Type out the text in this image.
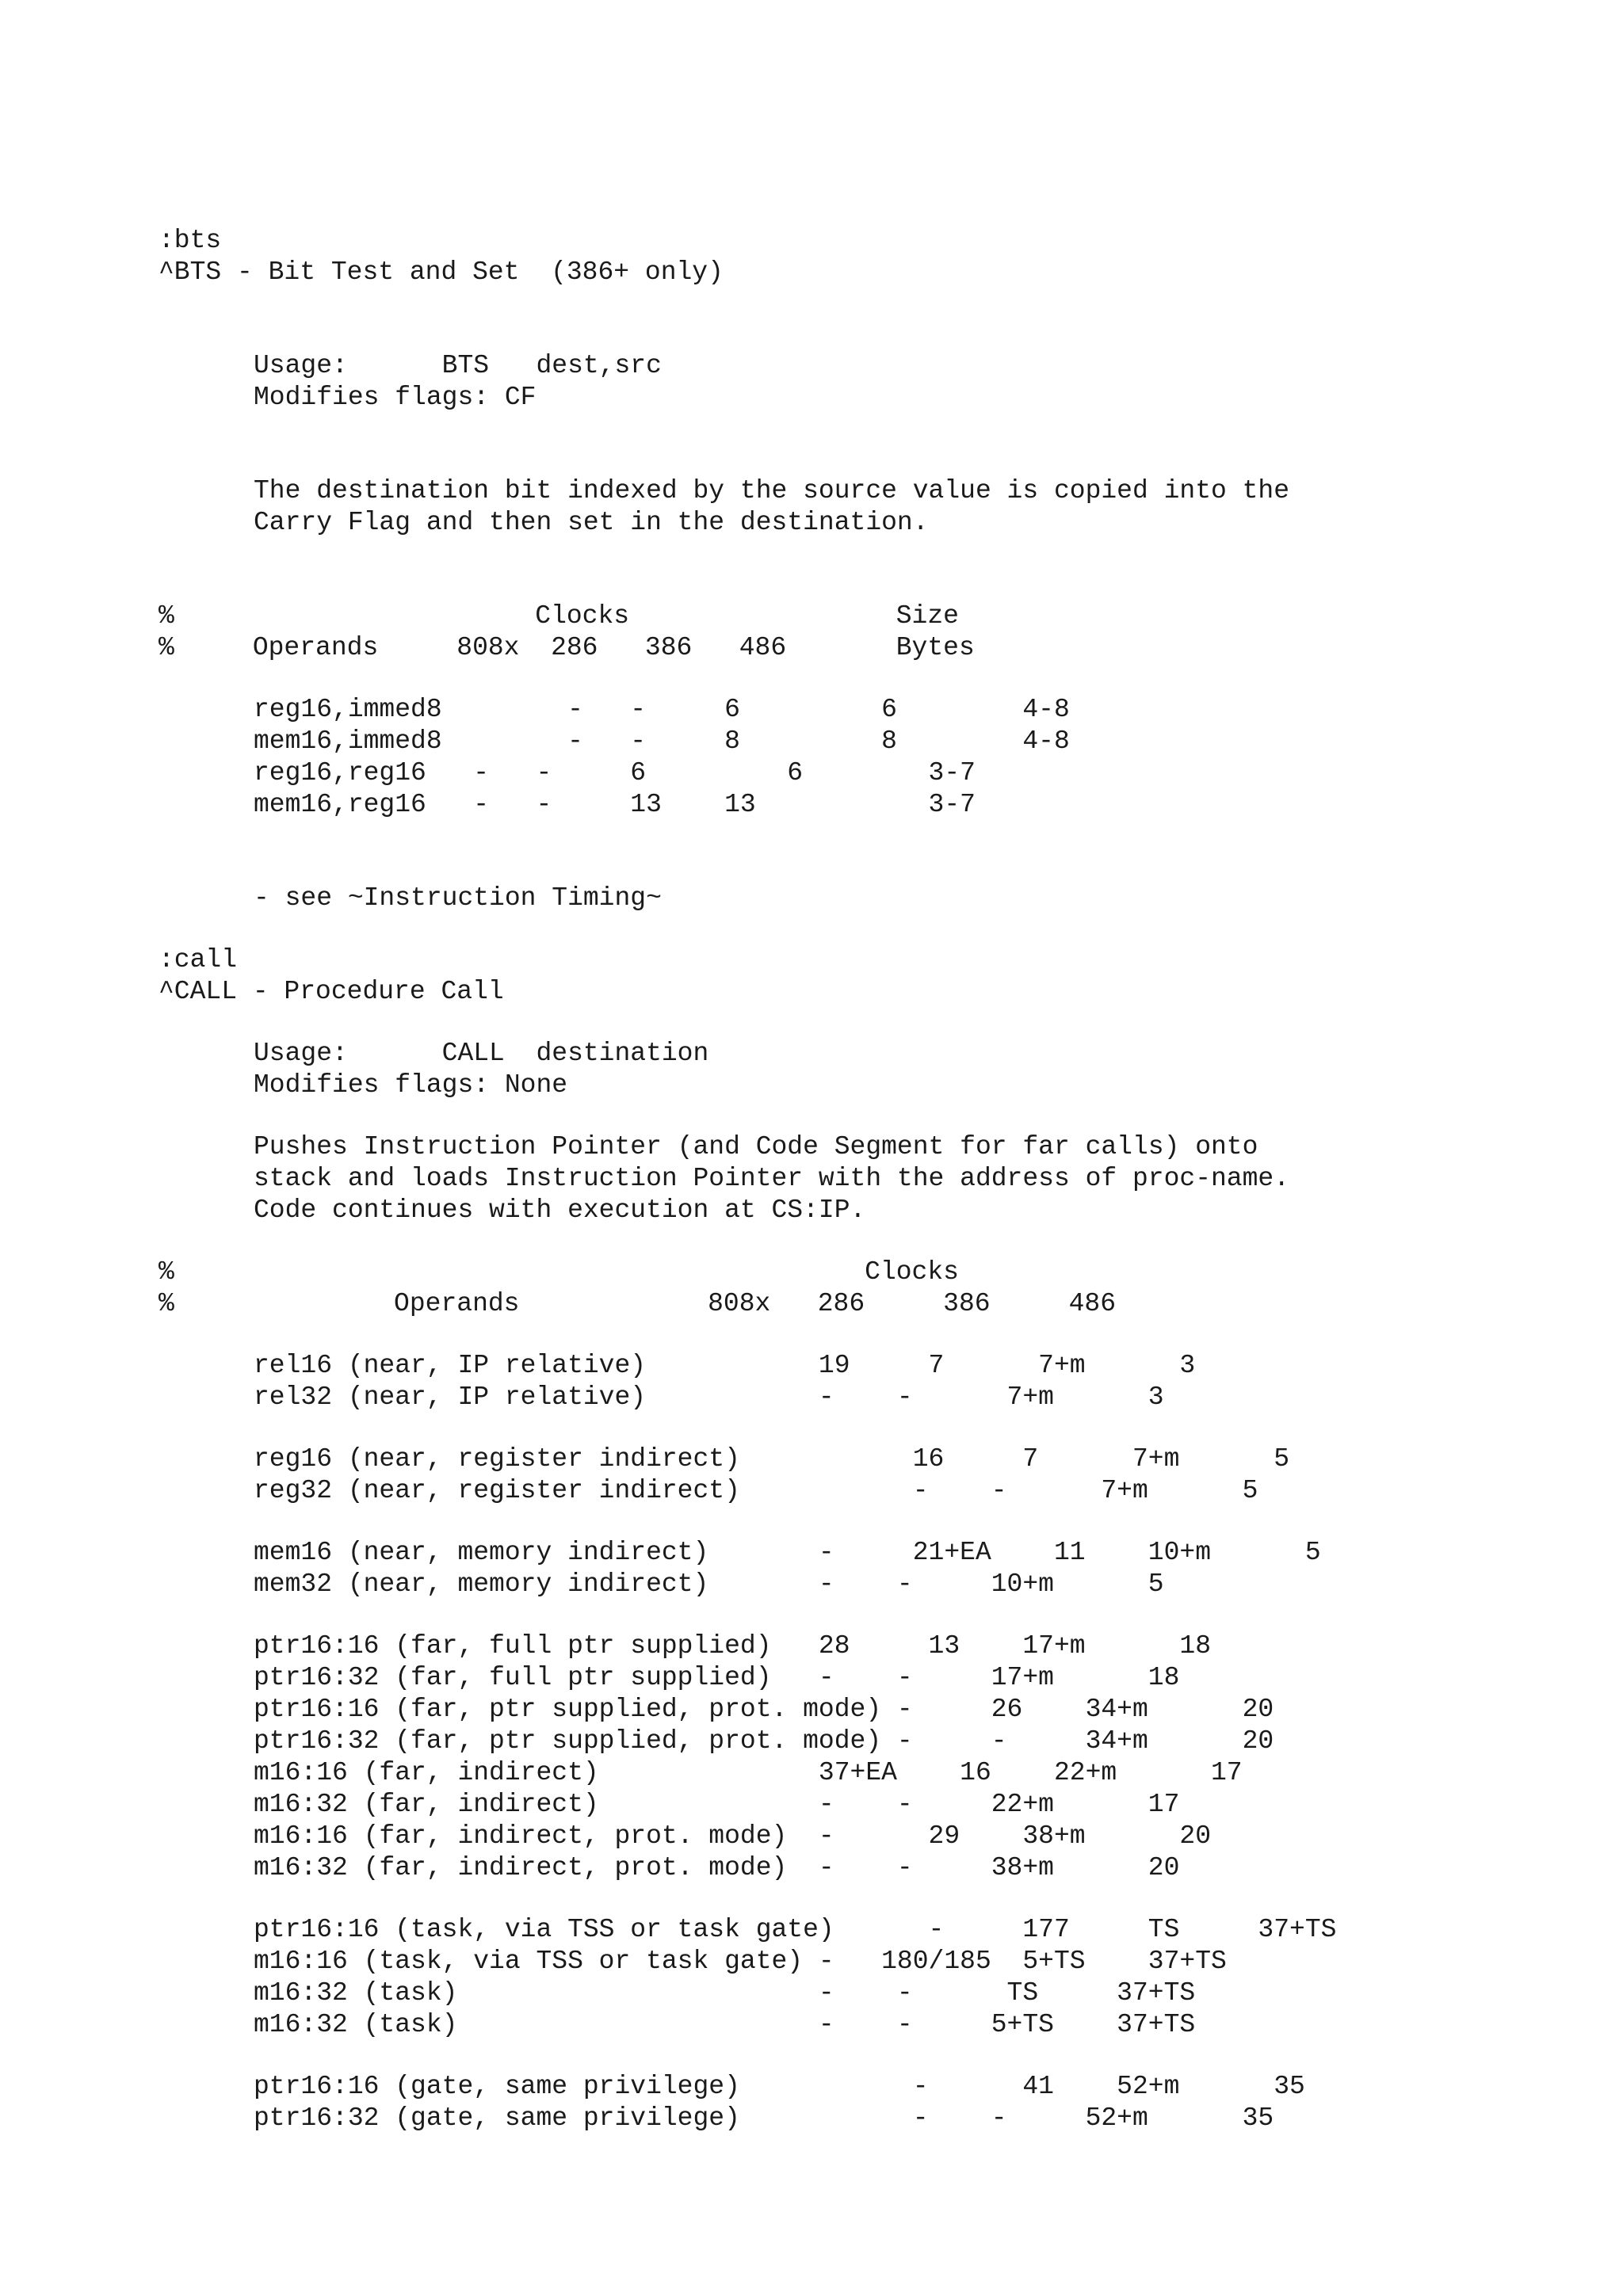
:bts

^BTS - Bit Test and Set  (386+ only)

Usage:      BTS   dest,src

Modifies flags: CF

The destination bit indexed by the source value is copied into the

Carry Flag and then set in the destination.

%                       Clocks                 Size

%     Operands     808x  286   386   486       Bytes

reg16,immed8        -   -     6         6        4-8

mem16,immed8        -   -     8         8        4-8

reg16,reg16   -   -     6         6        3-7

mem16,reg16   -   -     13    13           3-7

- see ~Instruction Timing~

:call

^CALL - Procedure Call

Usage:      CALL  destination

Modifies flags: None

Pushes Instruction Pointer (and Code Segment for far calls) onto

stack and loads Instruction Pointer with the address of proc-name.

Code continues with execution at CS:IP.

%                                            Clocks

%              Operands            808x   286     386     486

rel16 (near, IP relative)           19     7      7+m      3

rel32 (near, IP relative)           -    -      7+m      3

reg16 (near, register indirect)           16     7      7+m      5

reg32 (near, register indirect)           -    -      7+m      5

mem16 (near, memory indirect)       -     21+EA    11    10+m      5

mem32 (near, memory indirect)       -    -     10+m      5

ptr16:16 (far, full ptr supplied)   28     13    17+m      18

ptr16:32 (far, full ptr supplied)   -    -     17+m      18

ptr16:16 (far, ptr supplied, prot. mode) -     26    34+m      20

ptr16:32 (far, ptr supplied, prot. mode) -     -     34+m      20

m16:16 (far, indirect)              37+EA    16    22+m      17

m16:32 (far, indirect)              -    -     22+m      17

m16:16 (far, indirect, prot. mode)  -      29    38+m      20

m16:32 (far, indirect, prot. mode)  -    -     38+m      20

ptr16:16 (task, via TSS or task gate)      -     177     TS     37+TS

m16:16 (task, via TSS or task gate) -   180/185  5+TS    37+TS

m16:32 (task)                       -    -      TS     37+TS

m16:32 (task)                       -    -     5+TS    37+TS

ptr16:16 (gate, same privilege)           -      41    52+m      35

ptr16:32 (gate, same privilege)           -    -     52+m      35
